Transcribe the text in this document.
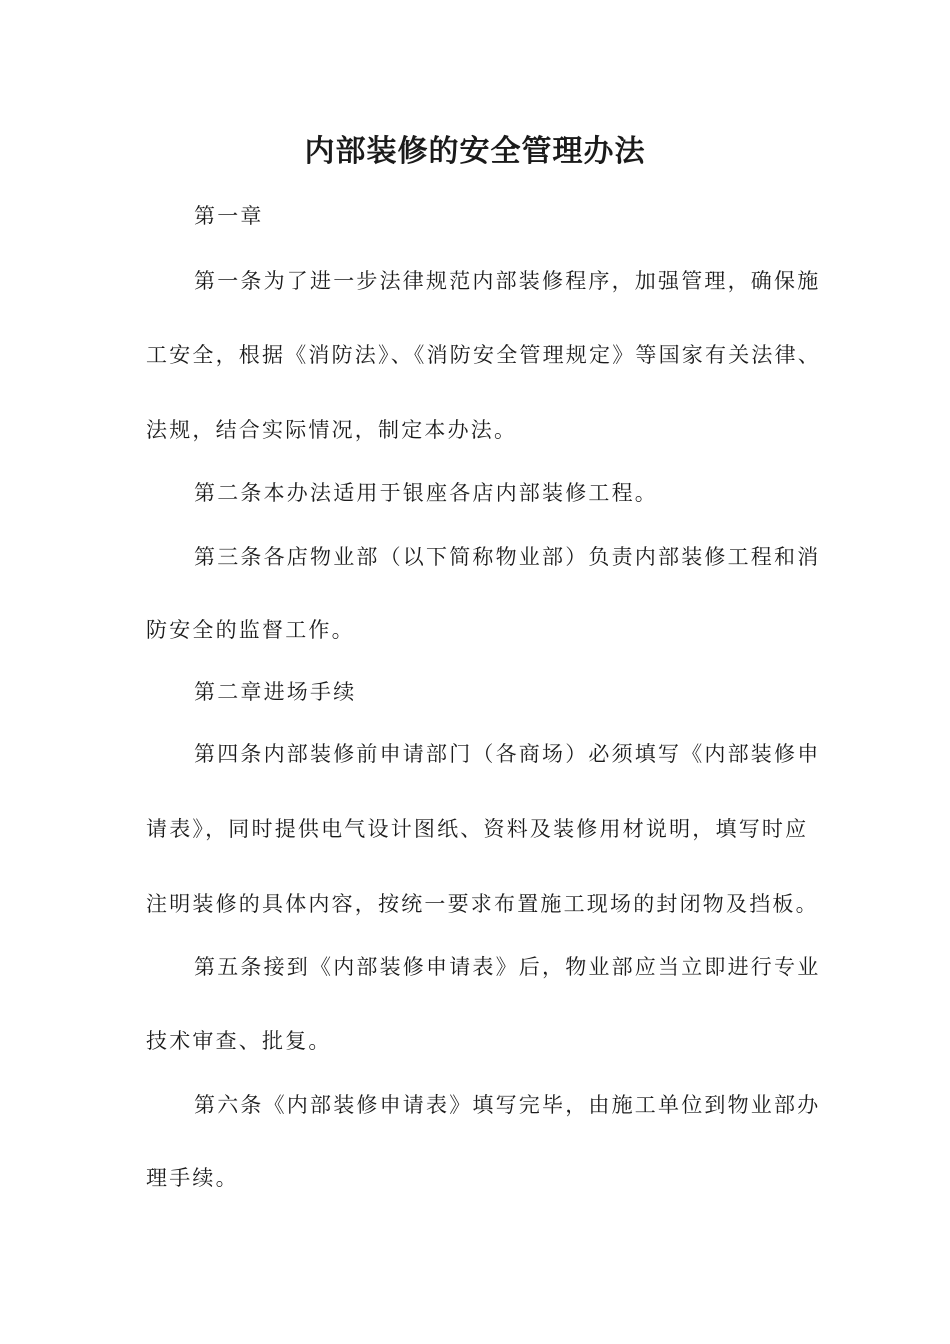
内部装修的安全管理办法
第一章
第一条为了进一步法律规范内部装修程序，加强管理，确保施
工安全，根据《消防法》、《消防安全管理规定》等国家有关法律、
法规，结合实际情况，制定本办法。
第二条本办法适用于银座各店内部装修工程。
第三条各店物业部（以下简称物业部）负责内部装修工程和消
防安全的监督工作。
第二章进场手续
第四条内部装修前申请部门（各商场）必须填写《内部装修申
请表》，同时提供电气设计图纸、资料及装修用材说明，填写时应
注明装修的具体内容，按统一要求布置施工现场的封闭物及挡板。
第五条接到《内部装修申请表》后，物业部应当立即进行专业
技术审查、批复。
第六条《内部装修申请表》填写完毕，由施工单位到物业部办
理手续。
